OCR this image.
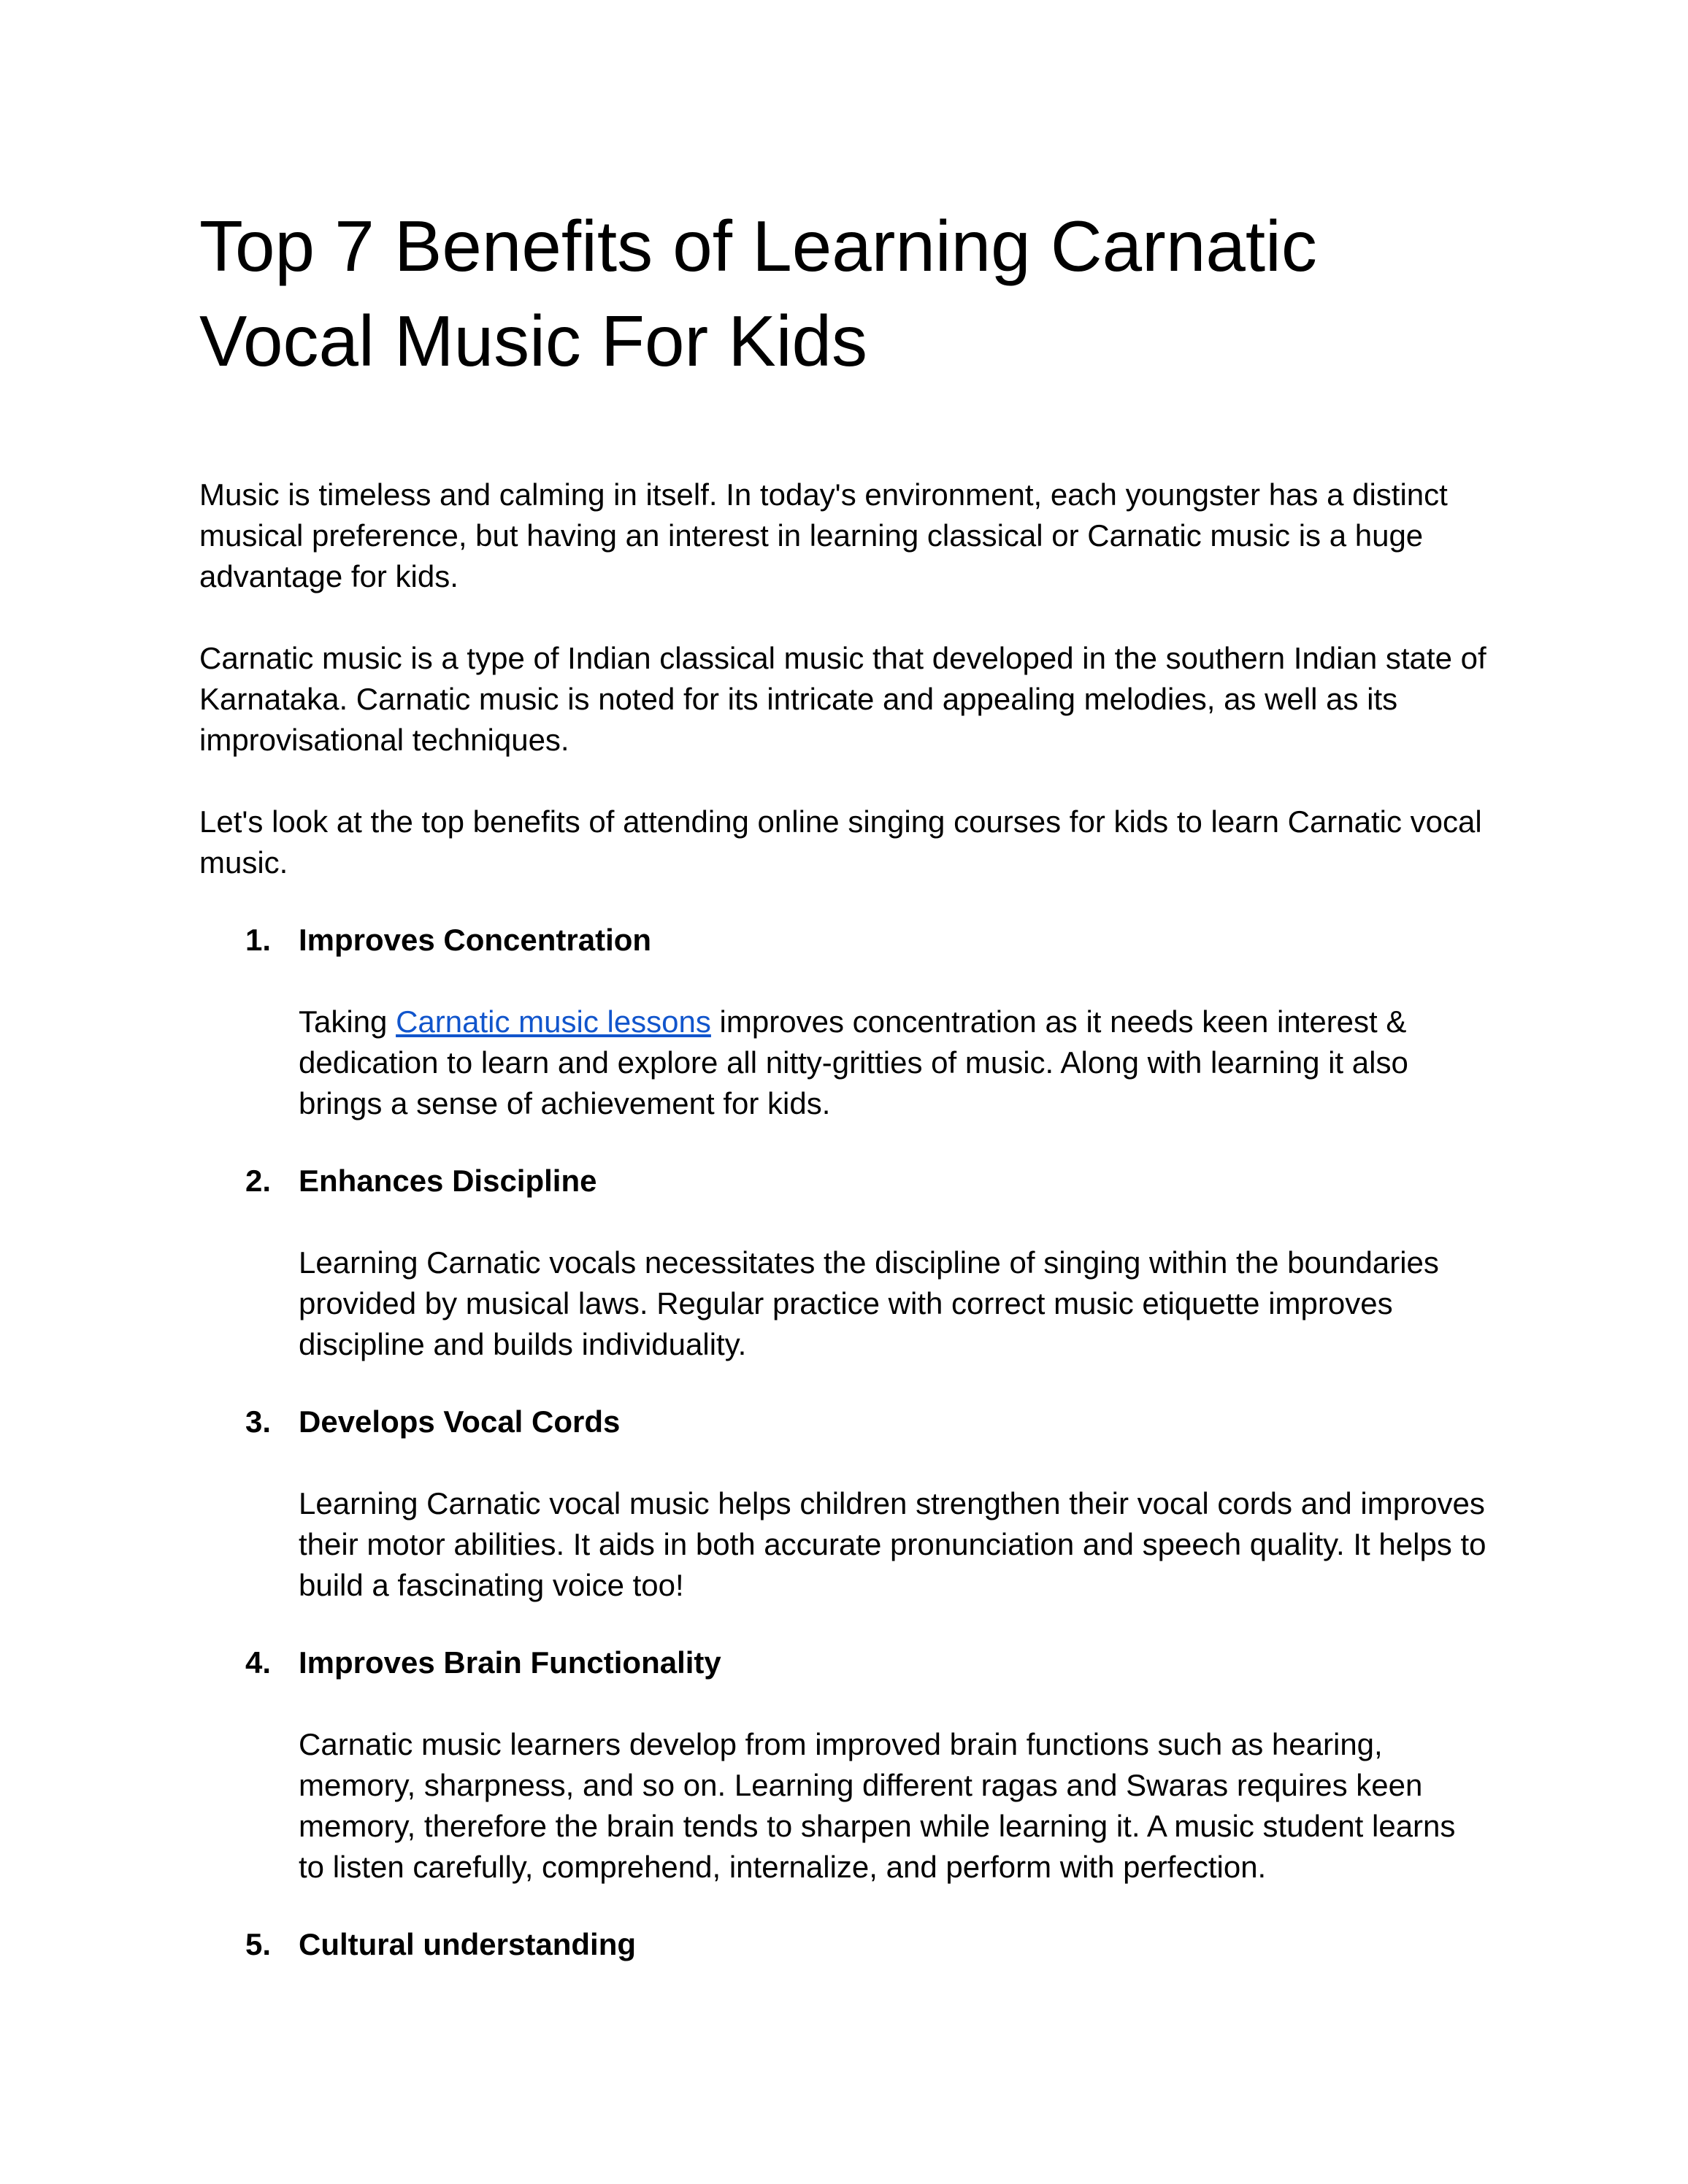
Top 7 Benefits of Learning Carnatic Vocal Music For Kids

Music is timeless and calming in itself. In today's environment, each youngster has a distinct musical preference, but having an interest in learning classical or Carnatic music is a huge advantage for kids.

Carnatic music is a type of Indian classical music that developed in the southern Indian state of Karnataka. Carnatic music is noted for its intricate and appealing melodies, as well as its improvisational techniques.

Let's look at the top benefits of attending online singing courses for kids to learn Carnatic vocal music.

1. Improves Concentration

Taking Carnatic music lessons improves concentration as it needs keen interest & dedication to learn and explore all nitty-gritties of music. Along with learning it also brings a sense of achievement for kids.

2. Enhances Discipline

Learning Carnatic vocals necessitates the discipline of singing within the boundaries provided by musical laws. Regular practice with correct music etiquette improves discipline and builds individuality.

3. Develops Vocal Cords

Learning Carnatic vocal music helps children strengthen their vocal cords and improves their motor abilities. It aids in both accurate pronunciation and speech quality. It helps to build a fascinating voice too!

4. Improves Brain Functionality

Carnatic music learners develop from improved brain functions such as hearing, memory, sharpness, and so on. Learning different ragas and Swaras requires keen memory, therefore the brain tends to sharpen while learning it. A music student learns to listen carefully, comprehend, internalize, and perform with perfection.

5. Cultural understanding
